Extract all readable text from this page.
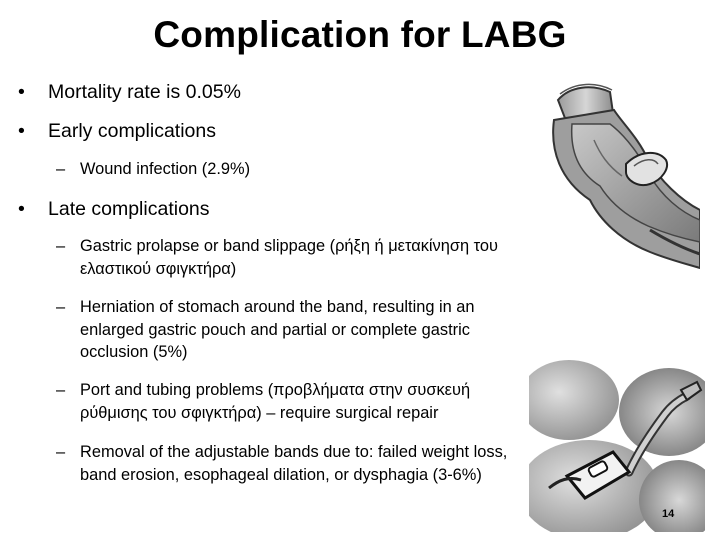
Complication for LABG
•	Mortality rate is 0.05%
•	Early complications
– Wound infection (2.9%)
•	Late complications
– Gastric prolapse or band slippage (ρήξη ή μετακίνηση του ελαστικού σφιγκτήρα)
– Herniation of stomach around the band, resulting in an enlarged gastric pouch and partial or complete gastric occlusion (5%)
– Port and tubing problems (προβλήματα στην συσκευή ρύθμισης του σφιγκτήρα) – require surgical repair
– Removal of the adjustable bands due to: failed weight loss, band erosion, esophageal dilation, or dysphagia (3-6%)
14
